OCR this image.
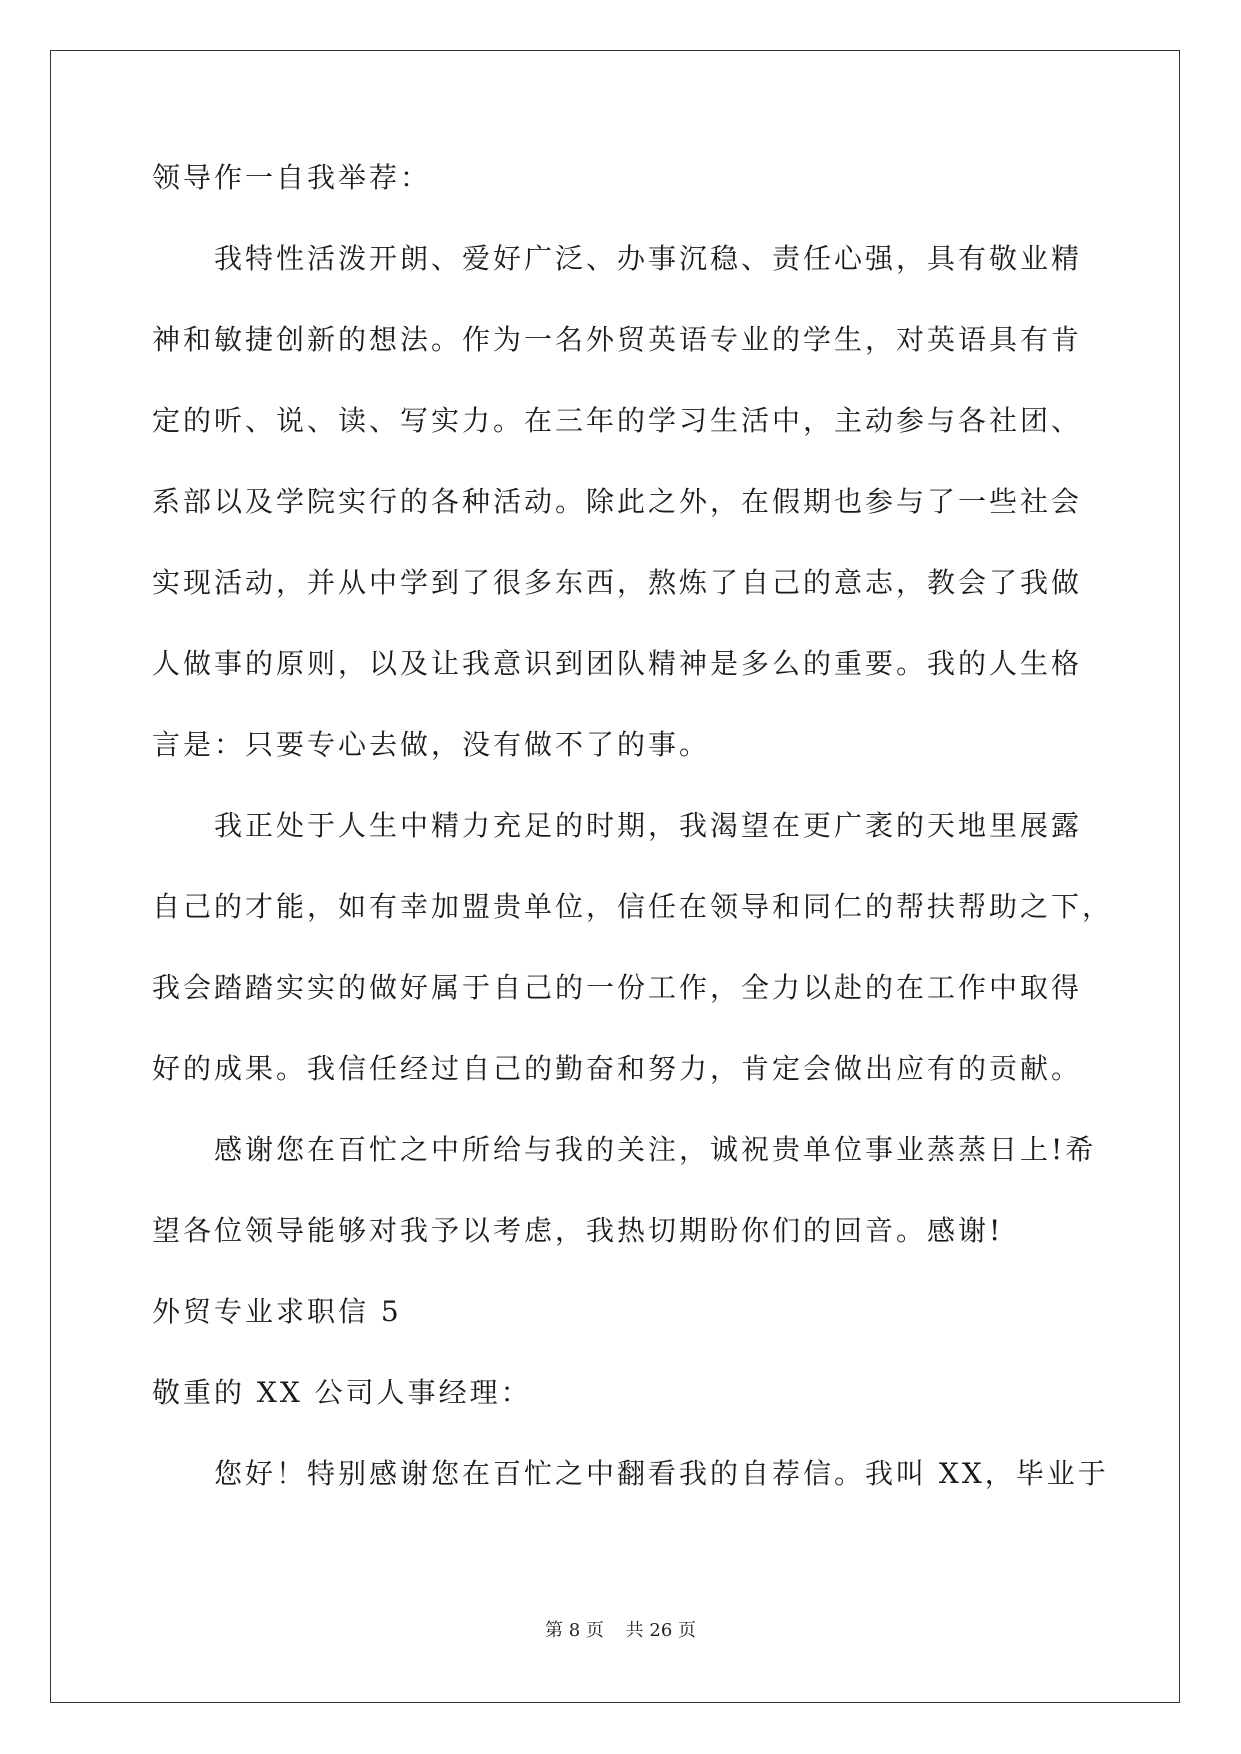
领导作一自我举荐：
我特性活泼开朗、爱好广泛、办事沉稳、责任心强，具有敬业精
神和敏捷创新的想法。作为一名外贸英语专业的学生，对英语具有肯
定的听、说、读、写实力。在三年的学习生活中，主动参与各社团、
系部以及学院实行的各种活动。除此之外，在假期也参与了一些社会
实现活动，并从中学到了很多东西，熬炼了自己的意志，教会了我做
人做事的原则，以及让我意识到团队精神是多么的重要。我的人生格
言是：只要专心去做，没有做不了的事。
我正处于人生中精力充足的时期，我渴望在更广袤的天地里展露
自己的才能，如有幸加盟贵单位，信任在领导和同仁的帮扶帮助之下，
我会踏踏实实的做好属于自己的一份工作，全力以赴的在工作中取得
好的成果。我信任经过自己的勤奋和努力，肯定会做出应有的贡献。
感谢您在百忙之中所给与我的关注，诚祝贵单位事业蒸蒸日上!希
望各位领导能够对我予以考虑，我热切期盼你们的回音。感谢!
外贸专业求职信 5
敬重的 XX 公司人事经理：
您好！特别感谢您在百忙之中翻看我的自荐信。我叫 XX，毕业于
第 8 页 共 26 页
